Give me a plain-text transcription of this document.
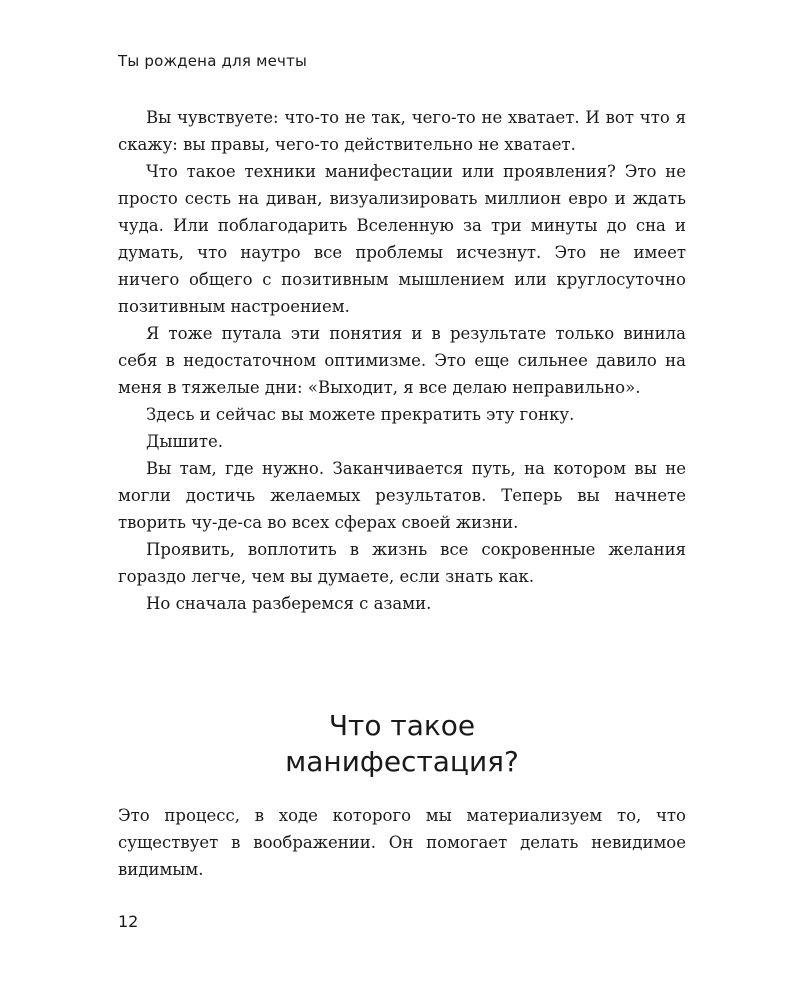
Ты рождена для мечты

Вы чувствуете: что-то не так, чего-то не хватает. И вот что я скажу: вы правы, чего-то действительно не хватает.

Что такое техники манифестации или проявления? Это не просто сесть на диван, визуализировать миллион евро и ждать чуда. Или поблагодарить Вселенную за три минуты до сна и думать, что наутро все проблемы исчезнут. Это не имеет ничего общего с позитивным мышлением или круглосуточно позитивным настроением.

Я тоже путала эти понятия и в результате только винила себя в недостаточном оптимизме. Это еще сильнее давило на меня в тяжелые дни: «Выходит, я все делаю неправильно».

Здесь и сейчас вы можете прекратить эту гонку.

Дышите.

Вы там, где нужно. Заканчивается путь, на котором вы не могли достичь желаемых результатов. Теперь вы начнете творить чу-де-са во всех сферах своей жизни.

Проявить, воплотить в жизнь все сокровенные желания гораздо легче, чем вы думаете, если знать как.

Но сначала разберемся с азами.

Что такое
манифестация?

Это процесс, в ходе которого мы материализуем то, что существует в воображении. Он помогает делать невидимое видимым.

12
